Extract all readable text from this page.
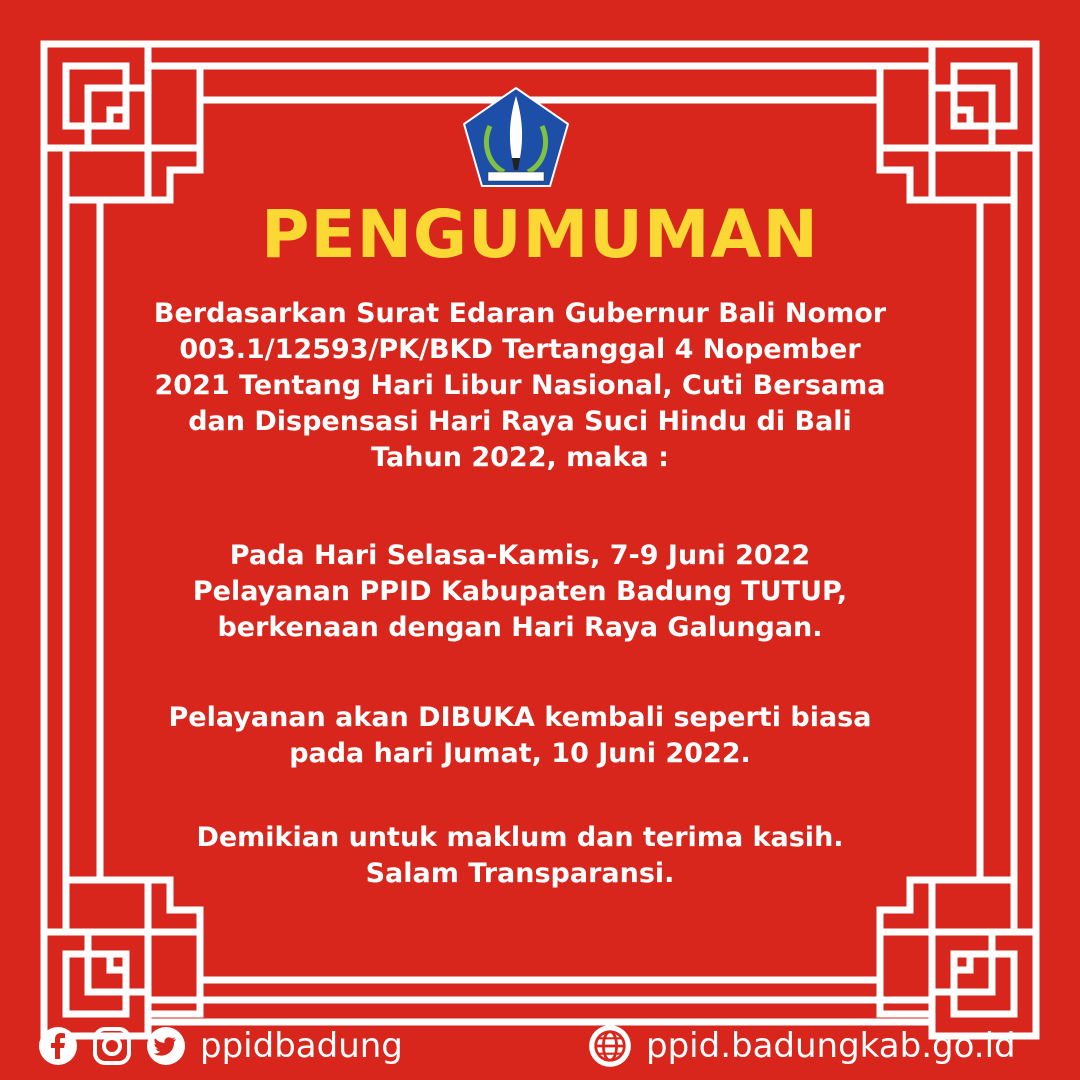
PENGUMUMAN
Berdasarkan Surat Edaran Gubernur Bali Nomor
003.1/12593/PK/BKD Tertanggal 4 Nopember
2021 Tentang Hari Libur Nasional, Cuti Bersama
dan Dispensasi Hari Raya Suci Hindu di Bali
Tahun 2022, maka :
Pada Hari Selasa-Kamis, 7-9 Juni 2022
Pelayanan PPID Kabupaten Badung TUTUP,
berkenaan dengan Hari Raya Galungan.
Pelayanan akan DIBUKA kembali seperti biasa
pada hari Jumat, 10 Juni 2022.
Demikian untuk maklum dan terima kasih.
Salam Transparansi.
ppidbadung	ppid.badungkab.go.id
